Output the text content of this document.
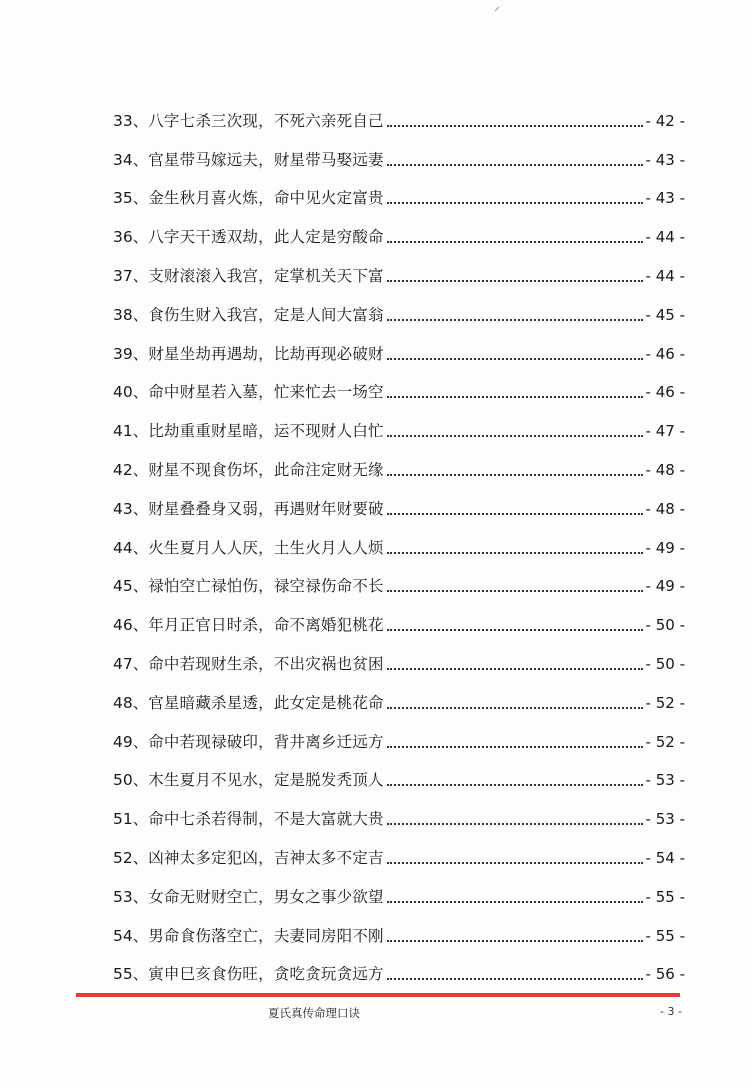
33、 八字七杀三次现，不死六亲死自己	- 42 -
34、 官星带马嫁远夫，财星带马娶远妻	- 43 -
35、 金生秋月喜火炼，命中见火定富贵	- 43 -
36、 八字天干透双劫，此人定是穷酸命	- 44 -
37、 支财滚滚入我宫，定掌机关天下富	- 44 -
38、 食伤生财入我宫，定是人间大富翁	- 45 -
39、 财星坐劫再遇劫，比劫再现必破财	- 46 -
40、 命中财星若入墓，忙来忙去一场空	- 46 -
41、 比劫重重财星暗，运不现财人白忙	- 47 -
42、 财星不现食伤坏，此命注定财无缘	- 48 -
43、 财星叠叠身又弱，再遇财年财要破	- 48 -
44、 火生夏月人人厌，土生火月人人烦	- 49 -
45、 禄怕空亡禄怕伤，禄空禄伤命不长	- 49 -
46、 年月正官日时杀，命不离婚犯桃花	- 50 -
47、 命中若现财生杀，不出灾祸也贫困	- 50 -
48、 官星暗藏杀星透，此女定是桃花命	- 52 -
49、 命中若现禄破印，背井离乡迁远方	- 52 -
50、 木生夏月不见水，定是脱发秃顶人	- 53 -
51、 命中七杀若得制，不是大富就大贵	- 53 -
52、 凶神太多定犯凶，吉神太多不定吉	- 54 -
53、 女命无财财空亡，男女之事少欲望	- 55 -
54、 男命食伤落空亡，夫妻同房阳不刚	- 55 -
55、 寅申巳亥食伤旺，贪吃贪玩贪远方	- 56 -
夏氏真传命理口诀	- 3 -
